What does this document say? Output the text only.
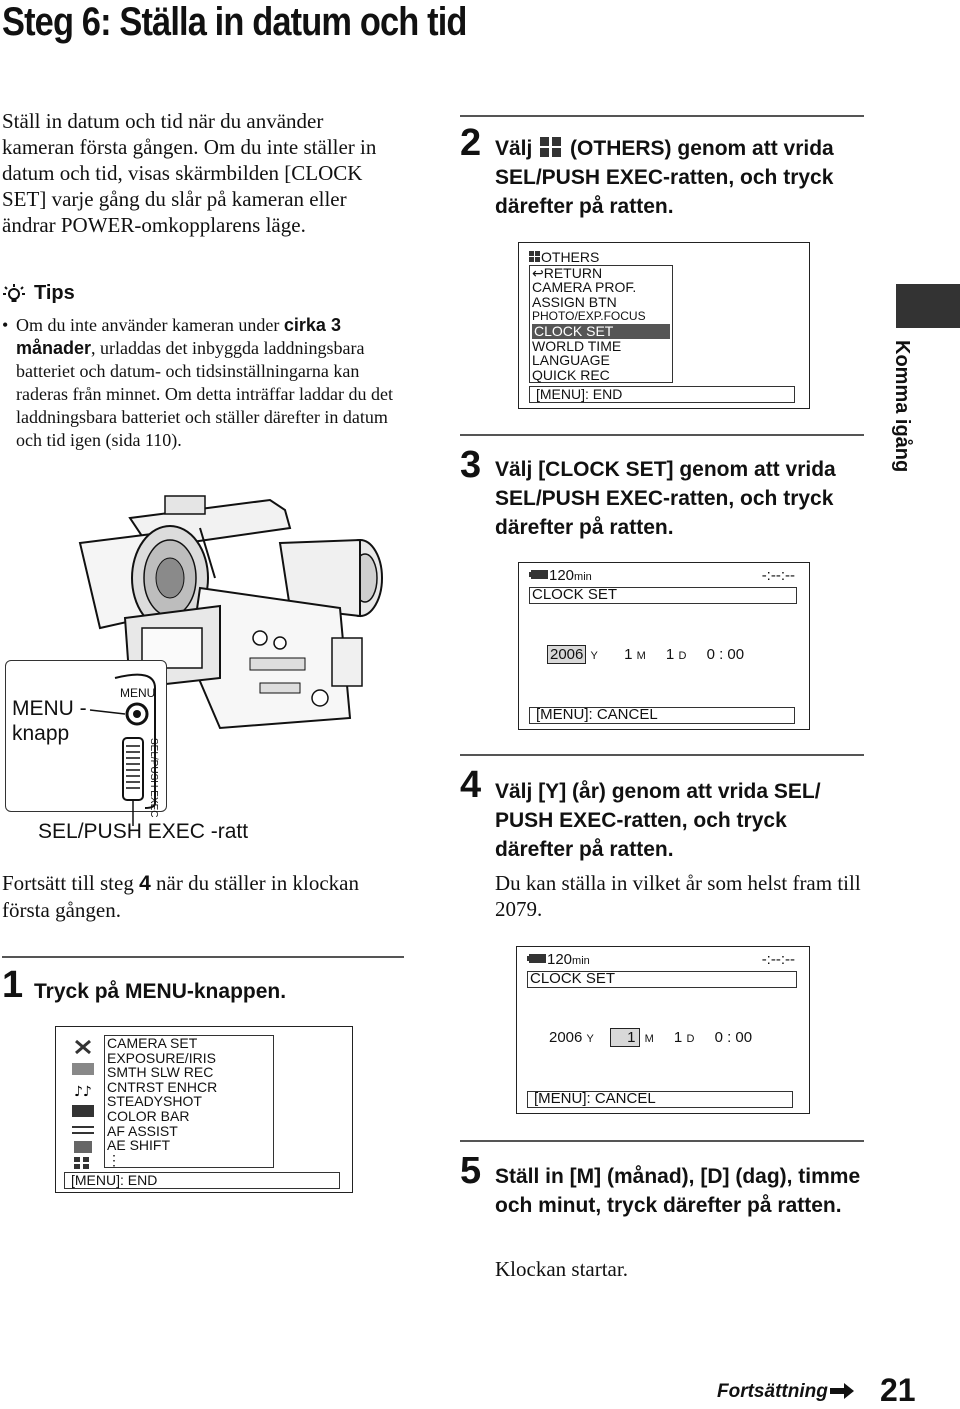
Steg 6: Ställa in datum och tid
Ställ in datum och tid när du använder kameran första gången. Om du inte ställer in datum och tid, visas skärmbilden [CLOCK SET] varje gång du slår på kameran eller ändrar POWER-omkopplarens läge.
Tips
• Om du inte använder kameran under cirka 3 månader, urladdas det inbyggda laddningsbara batteriet och datum- och tidsinställningarna kan raderas från minnet. Om detta inträffar laddar du det laddningsbara batteriet och ställer därefter in datum och tid igen (sida 110).
MENU
SEL/PUSH EXEC
MENU -
knapp
SEL/PUSH EXEC -ratt
Fortsätt till steg 4 när du ställer in klockan första gången.
1 Tryck på MENU-knappen.
♪♪
CAMERA SET
EXPOSURE/IRIS
SMTH SLW REC
CNTRST ENHCR
STEADYSHOT
COLOR BAR
AF ASSIST
AE SHIFT
⋮
[MENU]: END
2 Välj  (OTHERS) genom att vrida SEL/PUSH EXEC-ratten, och tryck därefter på ratten.
OTHERS
↩RETURN
CAMERA PROF.
ASSIGN BTN
PHOTO/EXP.FOCUS
CLOCK SET
WORLD TIME
LANGUAGE
QUICK REC
[MENU]: END
3 Välj [CLOCK SET] genom att vrida SEL/PUSH EXEC-ratten, och tryck därefter på ratten.
120min	-:--:--
CLOCK SET
2006 Y 1 M 1 D 0 : 00
[MENU]: CANCEL
4 Välj [Y] (år) genom att vrida SEL/ PUSH EXEC-ratten, och tryck därefter på ratten.
Du kan ställa in vilket år som helst fram till 2079.
120min	-:--:--
CLOCK SET
2006 Y 1 M 1 D 0 : 00
[MENU]: CANCEL
5 Ställ in [M] (månad), [D] (dag), timme och minut, tryck därefter på ratten.
Klockan startar.
Komma igång
Fortsättning	21
